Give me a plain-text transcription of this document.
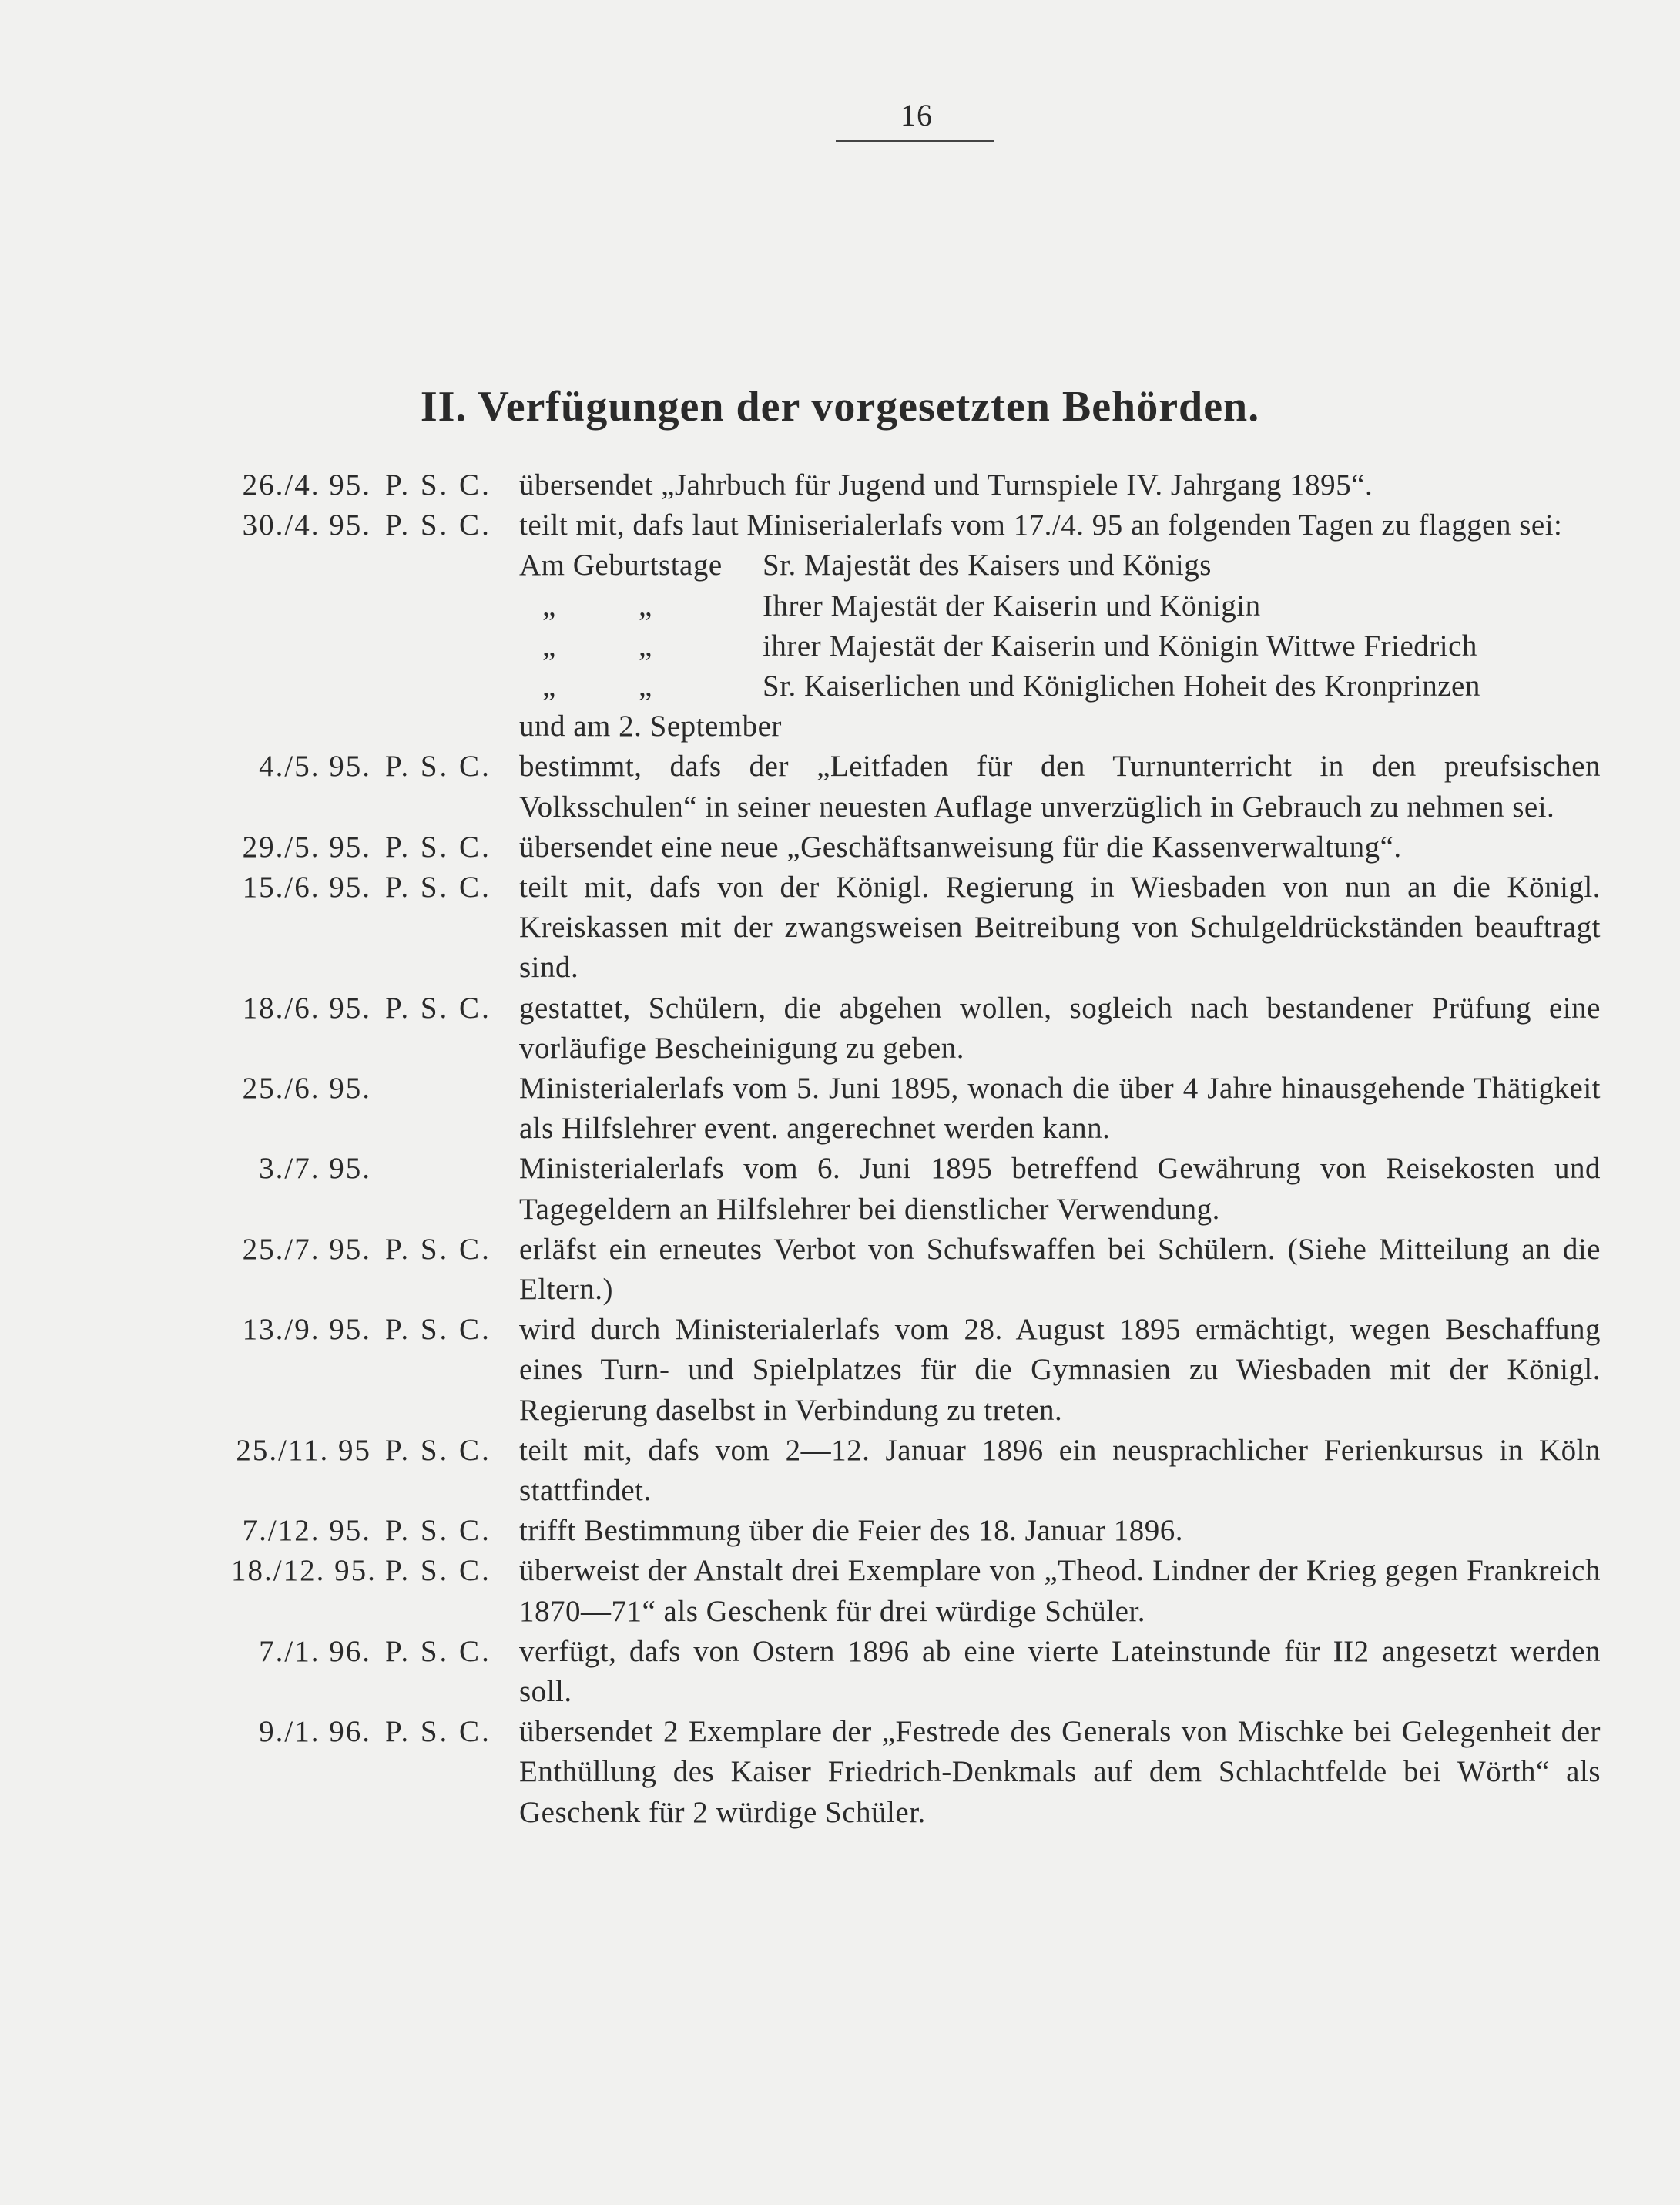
16
II. Verfügungen der vorgesetzten Behörden.
26./4. 95. P. S. C. übersendet „Jahrbuch für Jugend und Turnspiele IV. Jahrgang 1895“.
30./4. 95. P. S. C. teilt mit, dafs laut Miniserialerlafs vom 17./4. 95 an folgenden Tagen zu flaggen sei:
Am Geburtstage Sr. Majestät des Kaisers und Königs
„	„	Ihrer Majestät der Kaiserin und Königin
„	„	ihrer Majestät der Kaiserin und Königin Wittwe Friedrich
„	„	Sr. Kaiserlichen und Königlichen Hoheit des Kronprinzen
und am 2. September
4./5. 95. P. S. C. bestimmt, dafs der „Leitfaden für den Turnunterricht in den preufsischen Volksschulen“ in seiner neuesten Auflage unverzüglich in Gebrauch zu nehmen sei.
29./5. 95. P. S. C. übersendet eine neue „Geschäftsanweisung für die Kassenverwaltung“.
15./6. 95. P. S. C. teilt mit, dafs von der Königl. Regierung in Wiesbaden von nun an die Königl. Kreiskassen mit der zwangsweisen Beitreibung von Schulgeldrückständen beauftragt sind.
18./6. 95. P. S. C. gestattet, Schülern, die abgehen wollen, sogleich nach bestandener Prüfung eine vorläufige Bescheinigung zu geben.
25./6. 95.	Ministerialerlafs vom 5. Juni 1895, wonach die über 4 Jahre hinausgehende Thätigkeit als Hilfslehrer event. angerechnet werden kann.
3./7. 95.	Ministerialerlafs vom 6. Juni 1895 betreffend Gewährung von Reisekosten und Tagegeldern an Hilfslehrer bei dienstlicher Verwendung.
25./7. 95. P. S. C. erläfst ein erneutes Verbot von Schufswaffen bei Schülern. (Siehe Mitteilung an die Eltern.)
13./9. 95. P. S. C. wird durch Ministerialerlafs vom 28. August 1895 ermächtigt, wegen Beschaffung eines Turn- und Spielplatzes für die Gymnasien zu Wiesbaden mit der Königl. Regierung daselbst in Verbindung zu treten.
25./11. 95 P. S. C. teilt mit, dafs vom 2—12. Januar 1896 ein neusprachlicher Ferienkursus in Köln stattfindet.
7./12. 95. P. S. C. trifft Bestimmung über die Feier des 18. Januar 1896.
18./12. 95. P. S. C. überweist der Anstalt drei Exemplare von „Theod. Lindner der Krieg gegen Frankreich 1870—71“ als Geschenk für drei würdige Schüler.
7./1. 96. P. S. C. verfügt, dafs von Ostern 1896 ab eine vierte Lateinstunde für II2 angesetzt werden soll.
9./1. 96. P. S. C. übersendet 2 Exemplare der „Festrede des Generals von Mischke bei Gelegenheit der Enthüllung des Kaiser Friedrich-Denkmals auf dem Schlachtfelde bei Wörth“ als Geschenk für 2 würdige Schüler.
